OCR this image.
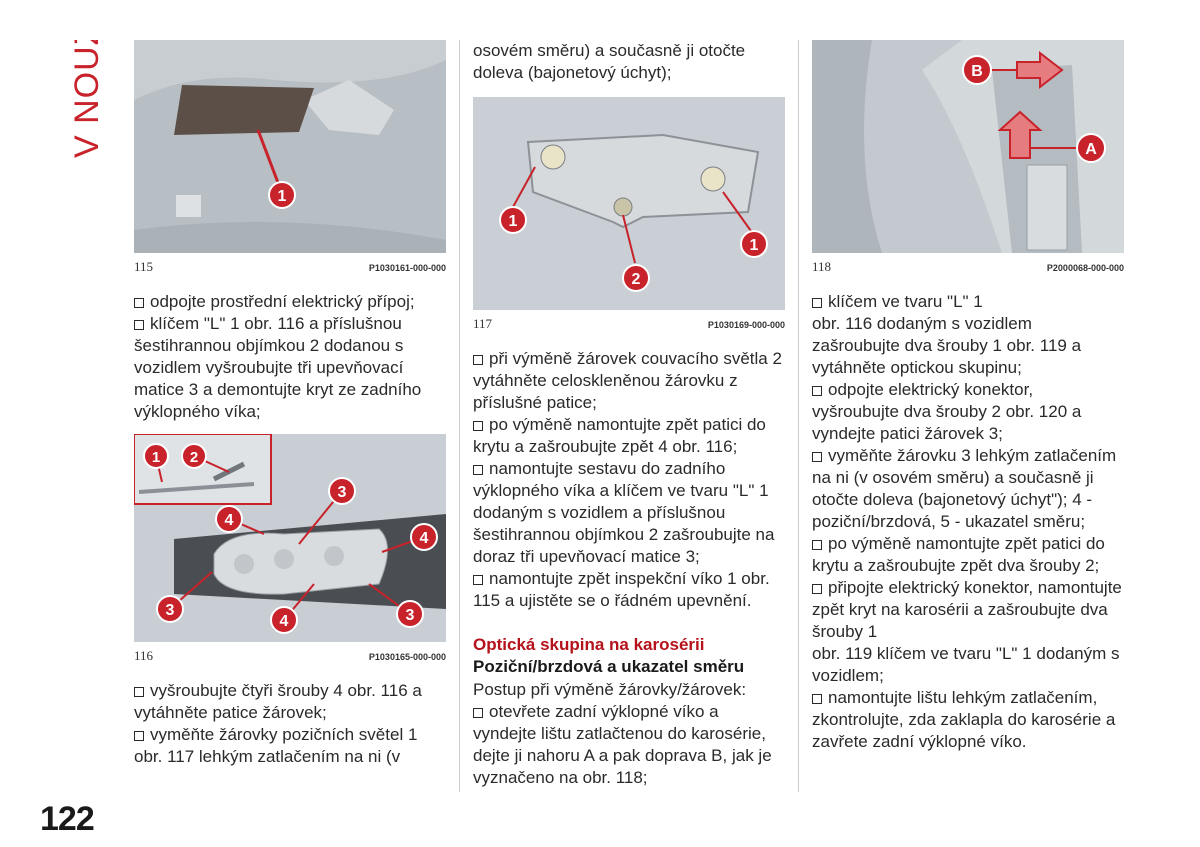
V NOUZI
1
115	P1030161-000-000

odpojte prostřední elektrický přípoj;

klíčem "L" 1 obr. 116 a příslušnou šestihrannou objímkou 2 dodanou s vozidlem vyšroubujte tři upevňovací matice 3 a demontujte kryt ze zadního výklopného víka;

1 2
3
4
4
3
4	3
116	P1030165-000-000

vyšroubujte čtyři šrouby 4 obr. 116 a vytáhněte patice žárovek;

vyměňte žárovky pozičních světel 1 obr. 117 lehkým zatlačením na ni (v

osovém směru) a současně ji otočte doleva (bajonetový úchyt);

1
1
2
117	P1030169-000-000

při výměně žárovek couvacího světla 2 vytáhněte celoskleněnou žárovku z příslušné patice;

po výměně namontujte zpět patici do krytu a zašroubujte zpět 4 obr. 116;

namontujte sestavu do zadního výklopného víka a klíčem ve tvaru "L" 1 dodaným s vozidlem a příslušnou šestihrannou objímkou 2 zašroubujte na doraz tři upevňovací matice 3;

namontujte zpět inspekční víko 1 obr. 115 a ujistěte se o řádném upevnění.

Optická skupina na karosérii

Poziční/brzdová a ukazatel směru

Postup při výměně žárovky/žárovek:

otevřete zadní výklopné víko a vyndejte lištu zatlačtenou do karosérie, dejte ji nahoru A a pak doprava B, jak je vyznačeno na obr. 118;

B
A
118	P2000068-000-000

klíčem ve tvaru "L" 1

obr. 116 dodaným s vozidlem zašroubujte dva šrouby 1 obr. 119 a vytáhněte optickou skupinu;

odpojte elektrický konektor, vyšroubujte dva šrouby 2 obr. 120 a vyndejte patici žárovek 3;

vyměňte žárovku 3 lehkým zatlačením na ni (v osovém směru) a současně ji otočte doleva (bajonetový úchyt"); 4 - poziční/brzdová, 5 - ukazatel směru;

po výměně namontujte zpět patici do krytu a zašroubujte zpět dva šrouby 2;

připojte elektrický konektor, namontujte zpět kryt na karosérii a zašroubujte dva šrouby 1

obr. 119 klíčem ve tvaru "L" 1 dodaným s vozidlem;

namontujte lištu lehkým zatlačením, zkontrolujte, zda zaklapla do karosérie a zavřete zadní výklopné víko.

122
